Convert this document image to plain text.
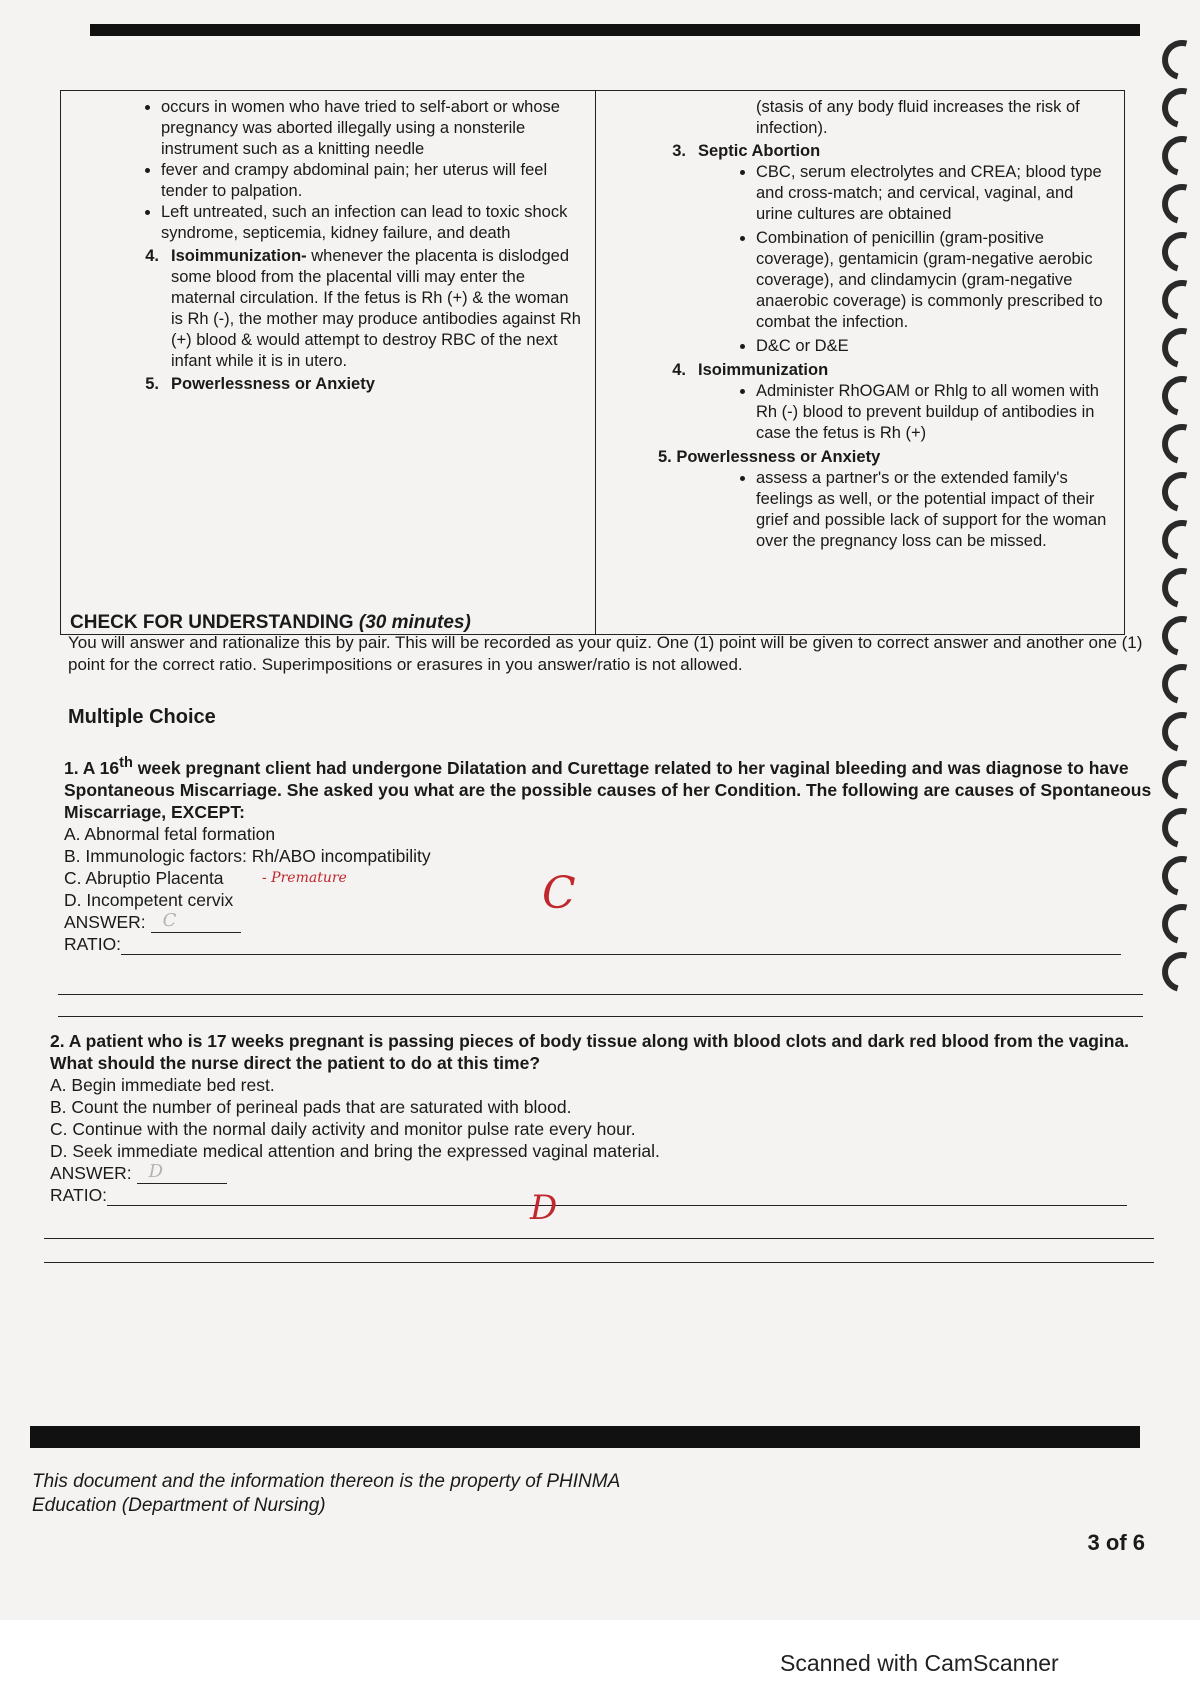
• occurs in women who have tried to self-abort or whose pregnancy was aborted illegally using a nonsterile instrument such as a knitting needle
• fever and crampy abdominal pain; her uterus will feel tender to palpation.
• Left untreated, such an infection can lead to toxic shock syndrome, septicemia, kidney failure, and death
4. Isoimmunization- whenever the placenta is dislodged some blood from the placental villi may enter the maternal circulation. If the fetus is Rh (+) & the woman is Rh (-), the mother may produce antibodies against Rh (+) blood & would attempt to destroy RBC of the next infant while it is in utero.
5. Powerlessness or Anxiety
(stasis of any body fluid increases the risk of infection).
3. Septic Abortion
• CBC, serum electrolytes and CREA; blood type and cross-match; and cervical, vaginal, and urine cultures are obtained
• Combination of penicillin (gram-positive coverage), gentamicin (gram-negative aerobic coverage), and clindamycin (gram-negative anaerobic coverage) is commonly prescribed to combat the infection.
• D&C or D&E
4. Isoimmunization
• Administer RhOGAM or Rhlg to all women with Rh (-) blood to prevent buildup of antibodies in case the fetus is Rh (+)
5. Powerlessness or Anxiety
• assess a partner's or the extended family's feelings as well, or the potential impact of their grief and possible lack of support for the woman over the pregnancy loss can be missed.
CHECK FOR UNDERSTANDING (30 minutes)
You will answer and rationalize this by pair. This will be recorded as your quiz. One (1) point will be given to correct answer and another one (1) point for the correct ratio. Superimpositions or erasures in you answer/ratio is not allowed.
Multiple Choice
1. A 16th week pregnant client had undergone Dilatation and Curettage related to her vaginal bleeding and was diagnose to have Spontaneous Miscarriage. She asked you what are the possible causes of her Condition. The following are causes of Spontaneous Miscarriage, EXCEPT:
A. Abnormal fetal formation
B. Immunologic factors: Rh/ABO incompatibility
C. Abruptio Placenta
D. Incompetent cervix
ANSWER: C
RATIO:
- Premature	C
2. A patient who is 17 weeks pregnant is passing pieces of body tissue along with blood clots and dark red blood from the vagina. What should the nurse direct the patient to do at this time?
A. Begin immediate bed rest.
B. Count the number of perineal pads that are saturated with blood.
C. Continue with the normal daily activity and monitor pulse rate every hour.
D. Seek immediate medical attention and bring the expressed vaginal material.
ANSWER: D
RATIO:	D
This document and the information thereon is the property of PHINMA
Education (Department of Nursing)
3 of 6
Scanned with CamScanner
